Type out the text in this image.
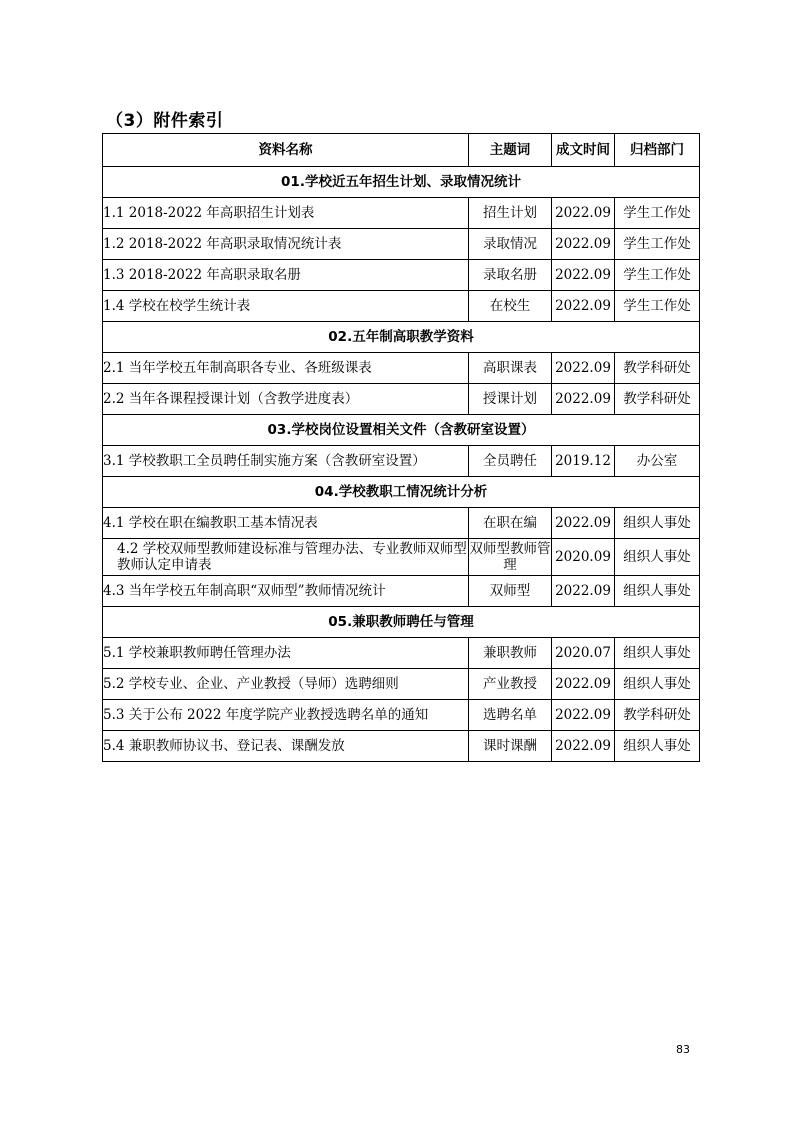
（3）附件索引
资料名称	主题词	成文时间	归档部门
01.学校近五年招生计划、录取情况统计			
1.1 2018-2022 年高职招生计划表	招生计划	2022.09	学生工作处
1.2 2018-2022 年高职录取情况统计表	录取情况	2022.09	学生工作处
1.3 2018-2022 年高职录取名册	录取名册	2022.09	学生工作处
1.4 学校在校学生统计表	在校生	2022.09	学生工作处
02.五年制高职教学资料			
2.1 当年学校五年制高职各专业、各班级课表	高职课表	2022.09	教学科研处
2.2 当年各课程授课计划（含教学进度表）	授课计划	2022.09	教学科研处
03.学校岗位设置相关文件（含教研室设置）			
3.1 学校教职工全员聘任制实施方案（含教研室设置）	全员聘任	2019.12	办公室
04.学校教职工情况统计分析			
4.1 学校在职在编教职工基本情况表	在职在编	2022.09	组织人事处
4.2 学校双师型教师建设标准与管理办法、专业教师双师型教师认定申请表	双师型教师管理	2020.09	组织人事处
4.3 当年学校五年制高职“双师型”教师情况统计	双师型	2022.09	组织人事处
05.兼职教师聘任与管理			
5.1 学校兼职教师聘任管理办法	兼职教师	2020.07	组织人事处
5.2 学校专业、企业、产业教授（导师）选聘细则	产业教授	2022.09	组织人事处
5.3 关于公布 2022 年度学院产业教授选聘名单的通知	选聘名单	2022.09	教学科研处
5.4 兼职教师协议书、登记表、课酬发放	课时课酬	2022.09	组织人事处
83
